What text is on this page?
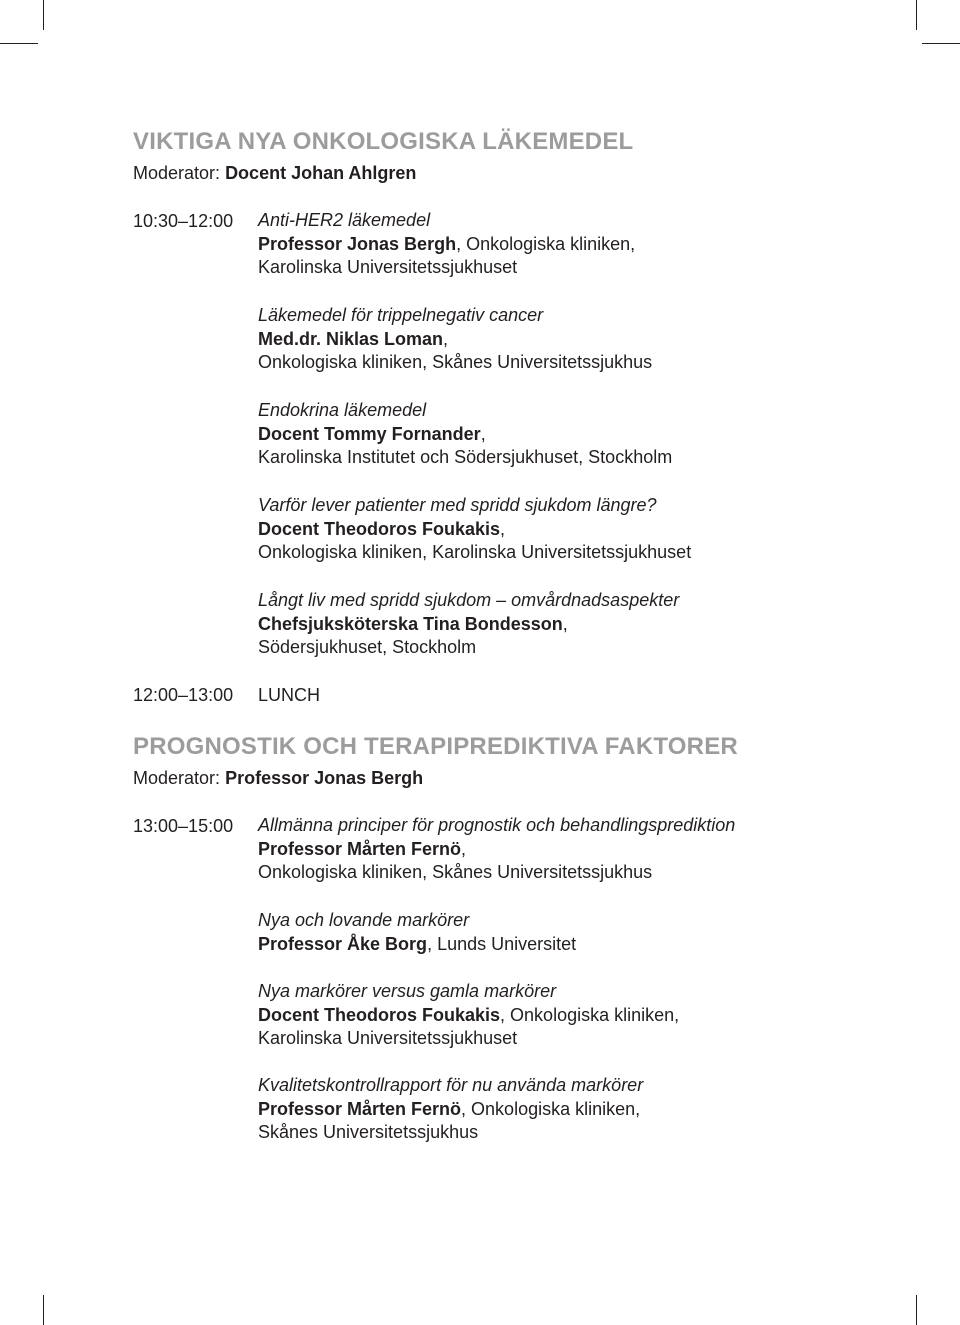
VIKTIGA NYA ONKOLOGISKA LÄKEMEDEL

Moderator: Docent Johan Ahlgren

10:30–12:00 Anti-HER2 läkemedel
Professor Jonas Bergh, Onkologiska kliniken,
Karolinska Universitetssjukhuset
Läkemedel för trippelnegativ cancer
Med.dr. Niklas Loman,
Onkologiska kliniken, Skånes Universitetssjukhus
Endokrina läkemedel
Docent Tommy Fornander,
Karolinska Institutet och Södersjukhuset, Stockholm
Varför lever patienter med spridd sjukdom längre?
Docent Theodoros Foukakis,
Onkologiska kliniken, Karolinska Universitetssjukhuset
Långt liv med spridd sjukdom – omvårdnadsaspekter
Chefsjuksköterska Tina Bondesson,
Södersjukhuset, Stockholm
12:00–13:00 LUNCH
PROGNOSTIK OCH TERAPIPREDIKTIVA FAKTORER

Moderator: Professor Jonas Bergh

13:00–15:00 Allmänna principer för prognostik och behandlingsprediktion
Professor Mårten Fernö,
Onkologiska kliniken, Skånes Universitetssjukhus
Nya och lovande markörer
Professor Åke Borg, Lunds Universitet
Nya markörer versus gamla markörer
Docent Theodoros Foukakis, Onkologiska kliniken,
Karolinska Universitetssjukhuset
Kvalitetskontrollrapport för nu använda markörer
Professor Mårten Fernö, Onkologiska kliniken,
Skånes Universitetssjukhus
